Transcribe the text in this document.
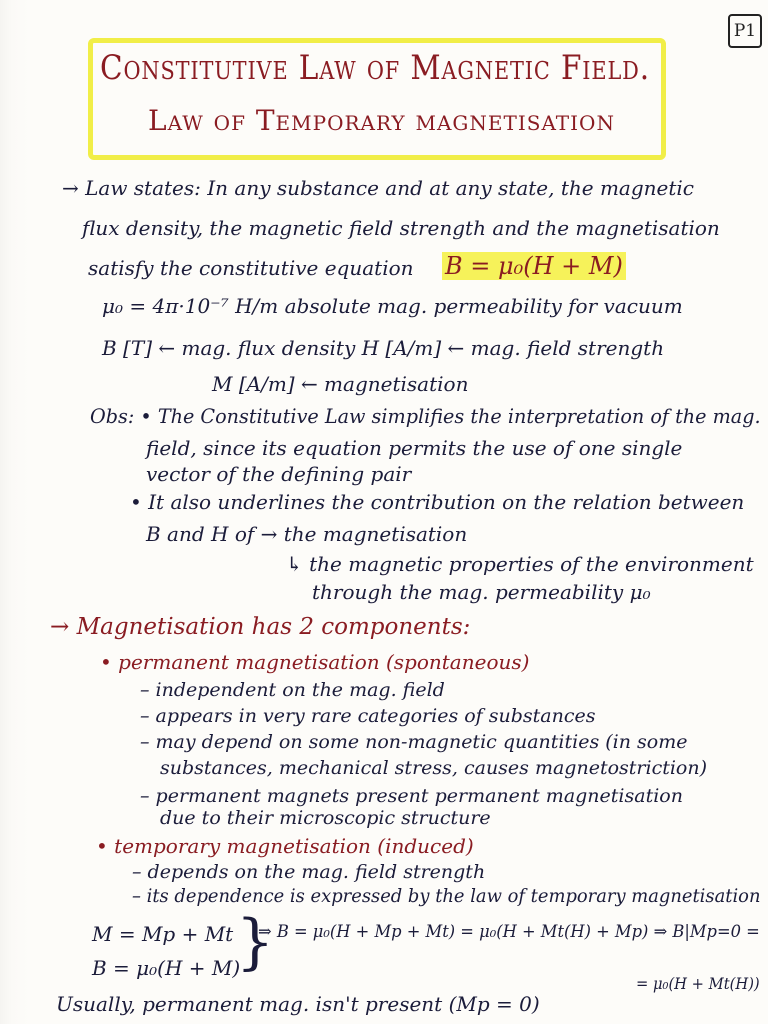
P1
Constitutive Law of Magnetic Field.
Law of Temporary magnetisation
→ Law states: In any substance and at any state, the magnetic
flux density, the magnetic field strength and the magnetisation
satisfy the constitutive equation B = μ₀(H + M)
μ₀ = 4π·10⁻⁷ H/m absolute mag. permeability for vacuum
B [T] ← mag. flux density H [A/m] ← mag. field strength
M [A/m] ← magnetisation
Obs: • The Constitutive Law simplifies the interpretation of the mag.
field, since its equation permits the use of one single
vector of the defining pair
• It also underlines the contribution on the relation between
B and H of → the magnetisation
↳ the magnetic properties of the environment
through the mag. permeability μ₀
→ Magnetisation has 2 components:
• permanent magnetisation (spontaneous)
– independent on the mag. field
– appears in very rare categories of substances
– may depend on some non-magnetic quantities (in some
substances, mechanical stress, causes magnetostriction)
– permanent magnets present permanent magnetisation
due to their microscopic structure
• temporary magnetisation (induced)
– depends on the mag. field strength
– its dependence is expressed by the law of temporary magnetisation
M = Mp + Mt }
⇒ B = μ₀(H + Mp + Mt) = μ₀(H + Mt(H) + Mp) ⇒ B|Mp=0 =
B = μ₀(H + M)
= μ₀(H + Mt(H))
Usually, permanent mag. isn't present (Mp = 0)
